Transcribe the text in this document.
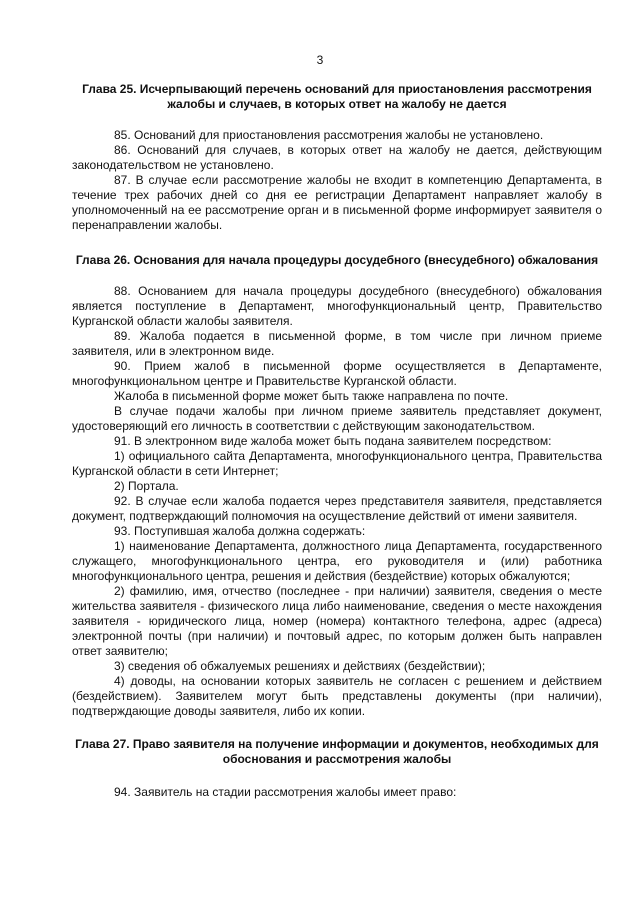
3

Глава 25. Исчерпывающий перечень оснований для приостановления рассмотрения жалобы и случаев, в которых ответ на жалобу не дается

85. Оснований для приостановления рассмотрения жалобы не установлено.

86. Оснований для случаев, в которых ответ на жалобу не дается, действующим законодательством не установлено.

87. В случае если рассмотрение жалобы не входит в компетенцию Департамента, в течение трех рабочих дней со дня ее регистрации Департамент направляет жалобу в уполномоченный на ее рассмотрение орган и в письменной форме информирует заявителя о перенаправлении жалобы.

Глава 26. Основания для начала процедуры досудебного (внесудебного) обжалования

88. Основанием для начала процедуры досудебного (внесудебного) обжалования является поступление в Департамент, многофункциональный центр, Правительство Курганской области жалобы заявителя.

89. Жалоба подается в письменной форме, в том числе при личном приеме заявителя, или в электронном виде.

90. Прием жалоб в письменной форме осуществляется в Департаменте, многофункциональном центре и Правительстве Курганской области.

Жалоба в письменной форме может быть также направлена по почте.

В случае подачи жалобы при личном приеме заявитель представляет документ, удостоверяющий его личность в соответствии с действующим законодательством.

91. В электронном виде жалоба может быть подана заявителем посредством:

1) официального сайта Департамента, многофункционального центра, Правительства Курганской области в сети Интернет;

2) Портала.

92. В случае если жалоба подается через представителя заявителя, представляется документ, подтверждающий полномочия на осуществление действий от имени заявителя.

93. Поступившая жалоба должна содержать:

1) наименование Департамента, должностного лица Департамента, государственного служащего, многофункционального центра, его руководителя и (или) работника многофункционального центра, решения и действия (бездействие) которых обжалуются;

2) фамилию, имя, отчество (последнее - при наличии) заявителя, сведения о месте жительства заявителя - физического лица либо наименование, сведения о месте нахождения заявителя - юридического лица, номер (номера) контактного телефона, адрес (адреса) электронной почты (при наличии) и почтовый адрес, по которым должен быть направлен ответ заявителю;

3) сведения об обжалуемых решениях и действиях (бездействии);

4) доводы, на основании которых заявитель не согласен с решением и действием (бездействием). Заявителем могут быть представлены документы (при наличии), подтверждающие доводы заявителя, либо их копии.

Глава 27. Право заявителя на получение информации и документов, необходимых для обоснования и рассмотрения жалобы

94. Заявитель на стадии рассмотрения жалобы имеет право:
